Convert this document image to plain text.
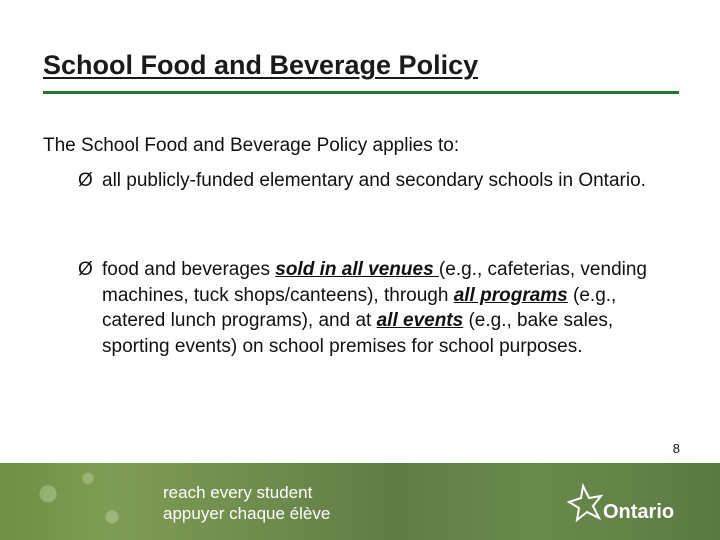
School Food and Beverage Policy
The School Food and Beverage Policy applies to:
Ø all publicly-funded elementary and secondary schools in Ontario.
Ø food and beverages sold in all venues (e.g., cafeterias, vending machines, tuck shops/canteens), through all programs (e.g., catered lunch programs), and at all events (e.g., bake sales, sporting events) on school premises for school purposes.
8
reach every student
appuyer chaque élève	Ontario
